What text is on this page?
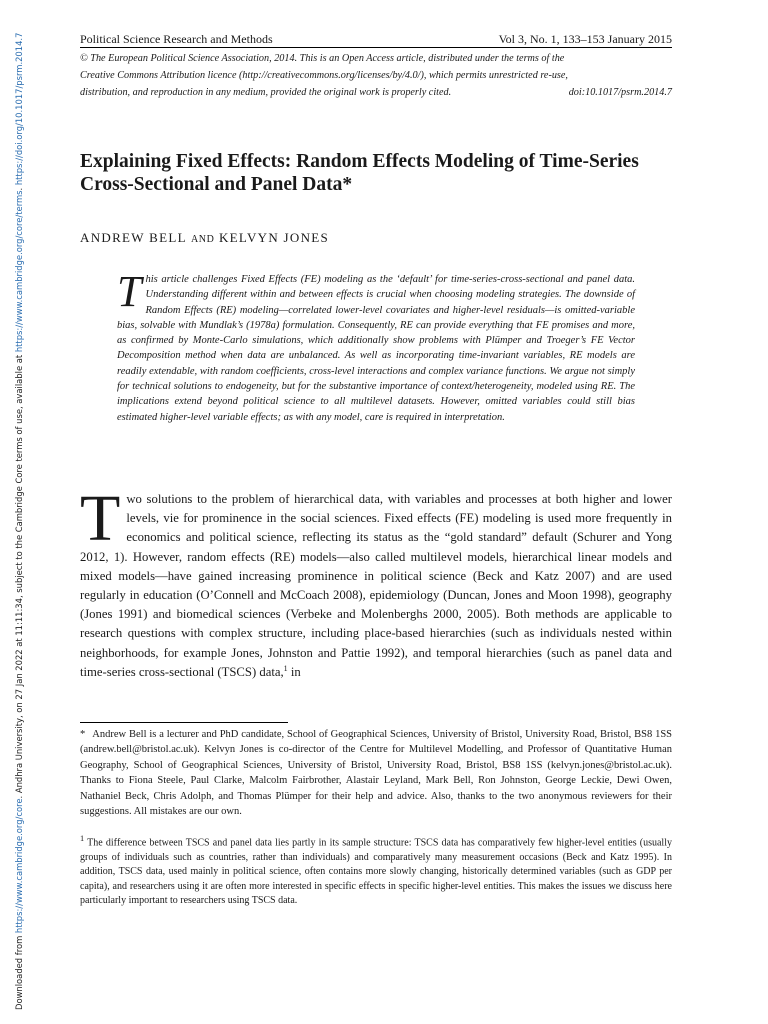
Downloaded from https://www.cambridge.org/core. Andhra University, on 27 Jan 2022 at 11:11:34, subject to the Cambridge Core terms of use, available at https://www.cambridge.org/core/terms. https://doi.org/10.1017/psrm.2014.7	Political Science Research and Methods	Vol 3, No. 1, 133–153 January 2015
© The European Political Science Association, 2014. This is an Open Access article, distributed under the terms of the
Creative Commons Attribution licence (http://creativecommons.org/licenses/by/4.0/), which permits unrestricted re-use,
distribution, and reproduction in any medium, provided the original work is properly cited.	doi:10.1017/psrm.2014.7
Explaining Fixed Effects: Random Effects Modeling of Time-Series Cross-Sectional and Panel Data*
ANDREW BELL AND KELVYN JONES

This article challenges Fixed Effects (FE) modeling as the ‘default’ for time-series-cross-sectional and panel data. Understanding different within and between effects is crucial when choosing modeling strategies. The downside of Random Effects (RE) modeling—correlated lower-level covariates and higher-level residuals—is omitted-variable bias, solvable with Mundlak’s (1978a) formulation. Consequently, RE can provide everything that FE promises and more, as confirmed by Monte-Carlo simulations, which additionally show problems with Plümper and Troeger’s FE Vector Decomposition method when data are unbalanced. As well as incorporating time-invariant variables, RE models are readily extendable, with random coefficients, cross-level interactions and complex variance functions. We argue not simply for technical solutions to endogeneity, but for the substantive importance of context/heterogeneity, modeled using RE. The implications extend beyond political science to all multilevel datasets. However, omitted variables could still bias estimated higher-level variable effects; as with any model, care is required in interpretation.

Two solutions to the problem of hierarchical data, with variables and processes at both higher and lower levels, vie for prominence in the social sciences. Fixed effects (FE) modeling is used more frequently in economics and political science, reflecting its status as the “gold standard” default (Schurer and Yong 2012, 1). However, random effects (RE) models—also called multilevel models, hierarchical linear models and mixed models—have gained increasing prominence in political science (Beck and Katz 2007) and are used regularly in education (O’Connell and McCoach 2008), epidemiology (Duncan, Jones and Moon 1998), geography (Jones 1991) and biomedical sciences (Verbeke and Molenberghs 2000, 2005). Both methods are applicable to research questions with complex structure, including place-based hierarchies (such as individuals nested within neighborhoods, for example Jones, Johnston and Pattie 1992), and temporal hierarchies (such as panel data and time-series cross-sectional (TSCS) data,$^1$ in

* Andrew Bell is a lecturer and PhD candidate, School of Geographical Sciences, University of Bristol, University Road, Bristol, BS8 1SS (andrew.bell@bristol.ac.uk). Kelvyn Jones is co-director of the Centre for Multilevel Modelling, and Professor of Quantitative Human Geography, School of Geographical Sciences, University of Bristol, University Road, Bristol, BS8 1SS (kelvyn.jones@bristol.ac.uk). Thanks to Fiona Steele, Paul Clarke, Malcolm Fairbrother, Alastair Leyland, Mark Bell, Ron Johnston, George Leckie, Dewi Owen, Nathaniel Beck, Chris Adolph, and Thomas Plümper for their help and advice. Also, thanks to the two anonymous reviewers for their suggestions. All mistakes are our own.

$^1$ The difference between TSCS and panel data lies partly in its sample structure: TSCS data has comparatively few higher-level entities (usually groups of individuals such as countries, rather than individuals) and comparatively many measurement occasions (Beck and Katz 1995). In addition, TSCS data, used mainly in political science, often contains more slowly changing, historically determined variables (such as GDP per capita), and researchers using it are often more interested in specific effects in specific higher-level entities. This makes the issues we discuss here particularly important to researchers using TSCS data.
